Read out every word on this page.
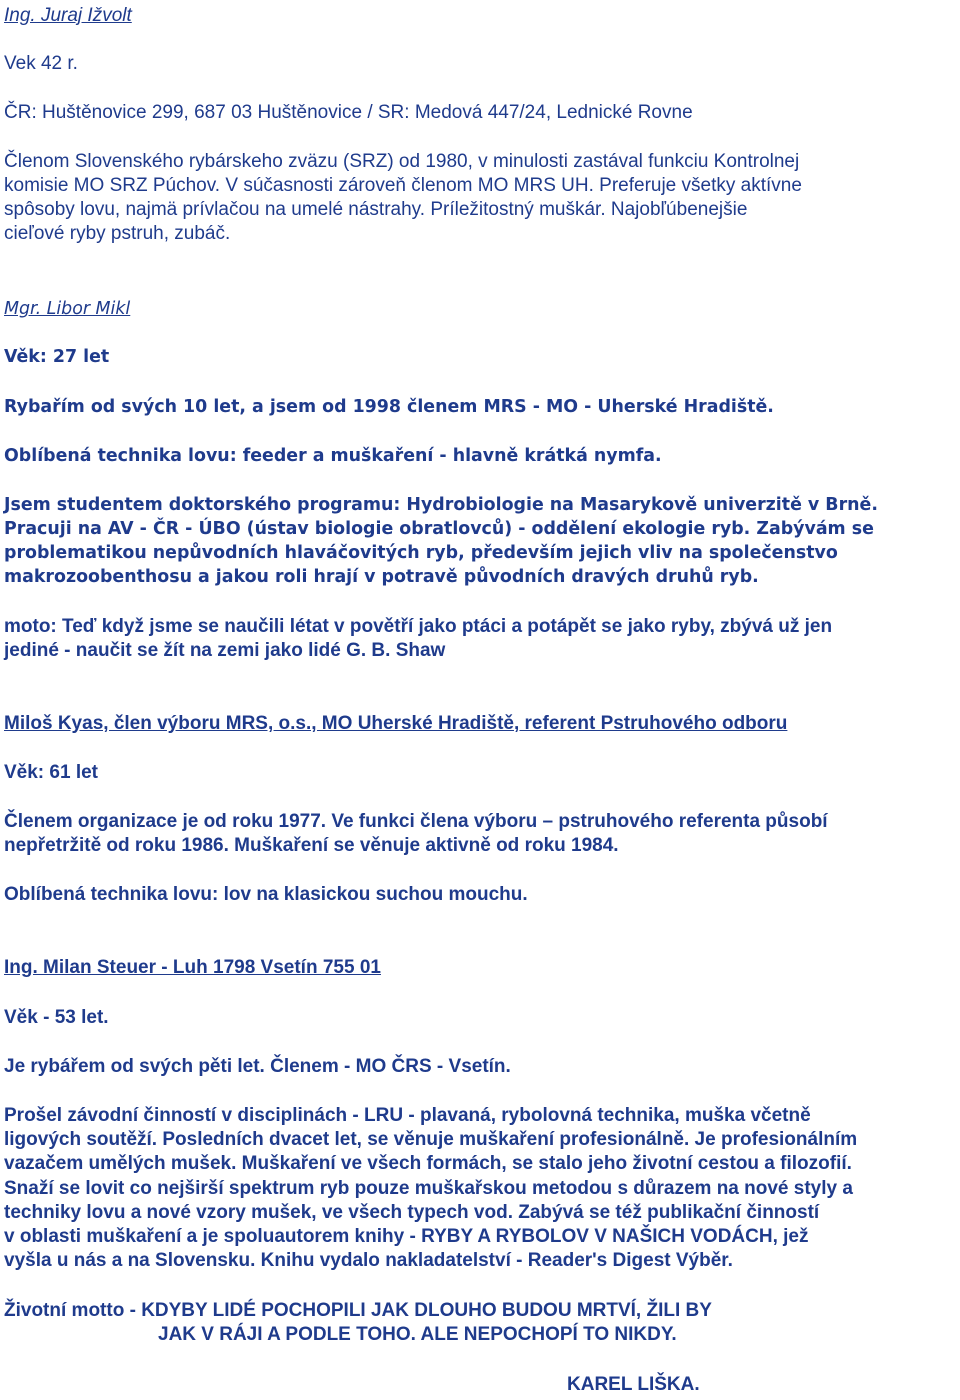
Ing. Juraj Ižvolt
Vek 42 r.
ČR: Huštěnovice 299, 687 03 Huštěnovice / SR: Medová 447/24, Lednické Rovne
Členom Slovenského rybárskeho zväzu (SRZ) od 1980, v minulosti zastával funkciu Kontrolnej
komisie MO SRZ Púchov. V súčasnosti zároveň členom MO MRS UH. Preferuje všetky aktívne
spôsoby lovu, najmä prívlačou na umelé nástrahy. Príležitostný muškár. Najobľúbenejšie
cieľové ryby pstruh, zubáč.
Mgr. Libor Mikl
Věk: 27 let
Rybařím od svých 10 let, a jsem od 1998 členem MRS - MO - Uherské Hradiště.
Oblíbená technika lovu: feeder a muškaření - hlavně krátká nymfa.
Jsem studentem doktorského programu: Hydrobiologie na Masarykově univerzitě v Brně.
Pracuji na AV - ČR - ÚBO (ústav biologie obratlovců) - oddělení ekologie ryb. Zabývám se
problematikou nepůvodních hlaváčovitých ryb, především jejich vliv na společenstvo
makrozoobenthosu a jakou roli hrají v potravě původních dravých druhů ryb.
moto: Teď když jsme se naučili létat v povětří jako ptáci a potápět se jako ryby, zbývá už jen
jediné - naučit se žít na zemi jako lidé G. B. Shaw
Miloš Kyas, člen výboru MRS, o.s., MO Uherské Hradiště, referent Pstruhového odboru
Věk: 61 let
Členem organizace je od roku 1977. Ve funkci člena výboru – pstruhového referenta působí
nepřetržitě od roku 1986. Muškaření se věnuje aktivně od roku 1984.
Oblíbená technika lovu: lov na klasickou suchou mouchu.
Ing. Milan Steuer - Luh 1798 Vsetín 755 01
Věk - 53 let.
Je rybářem od svých pěti let. Členem - MO ČRS - Vsetín.
Prošel závodní činností v disciplinách - LRU - plavaná, rybolovná technika, muška včetně
ligových soutěží. Posledních dvacet let, se věnuje muškaření profesionálně. Je profesionálním
vazačem umělých mušek. Muškaření ve všech formách, se stalo jeho životní cestou a filozofií.
Snaží se lovit co nejširší spektrum ryb pouze muškařskou metodou s důrazem na nové styly a
techniky lovu a nové vzory mušek, ve všech typech vod. Zabývá se též publikační činností
v oblasti muškaření a je spoluautorem knihy - RYBY A RYBOLOV V NAŠICH VODÁCH, jež
vyšla u nás a na Slovensku. Knihu vydalo nakladatelství - Reader's Digest Výběr.
Životní motto - KDYBY LIDÉ POCHOPILI JAK DLOUHO BUDOU MRTVÍ, ŽILI BY
JAK V RÁJI A PODLE TOHO. ALE NEPOCHOPÍ TO NIKDY.
KAREL LIŠKA.
